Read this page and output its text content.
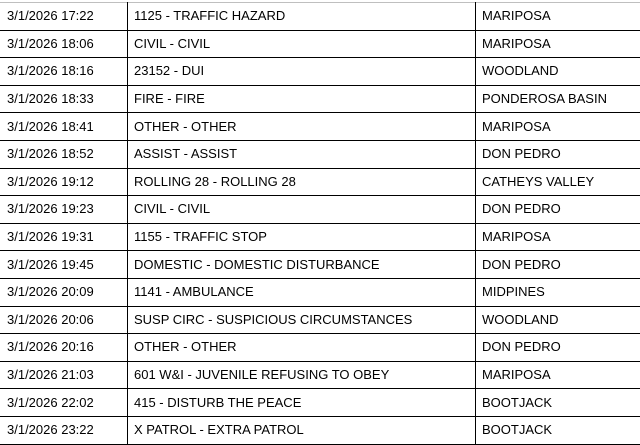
3/1/2026 17:22	1125 - TRAFFIC HAZARD	MARIPOSA
3/1/2026 18:06	CIVIL - CIVIL	MARIPOSA
3/1/2026 18:16	23152 - DUI	WOODLAND
3/1/2026 18:33	FIRE - FIRE	PONDEROSA BASIN
3/1/2026 18:41	OTHER - OTHER	MARIPOSA
3/1/2026 18:52	ASSIST - ASSIST	DON PEDRO
3/1/2026 19:12	ROLLING 28 - ROLLING 28	CATHEYS VALLEY
3/1/2026 19:23	CIVIL - CIVIL	DON PEDRO
3/1/2026 19:31	1155 - TRAFFIC STOP	MARIPOSA
3/1/2026 19:45	DOMESTIC - DOMESTIC DISTURBANCE	DON PEDRO
3/1/2026 20:09	1141 - AMBULANCE	MIDPINES
3/1/2026 20:06	SUSP CIRC - SUSPICIOUS CIRCUMSTANCES	WOODLAND
3/1/2026 20:16	OTHER - OTHER	DON PEDRO
3/1/2026 21:03	601 W&I - JUVENILE REFUSING TO OBEY	MARIPOSA
3/1/2026 22:02	415 - DISTURB THE PEACE	BOOTJACK
3/1/2026 23:22	X PATROL - EXTRA PATROL	BOOTJACK
